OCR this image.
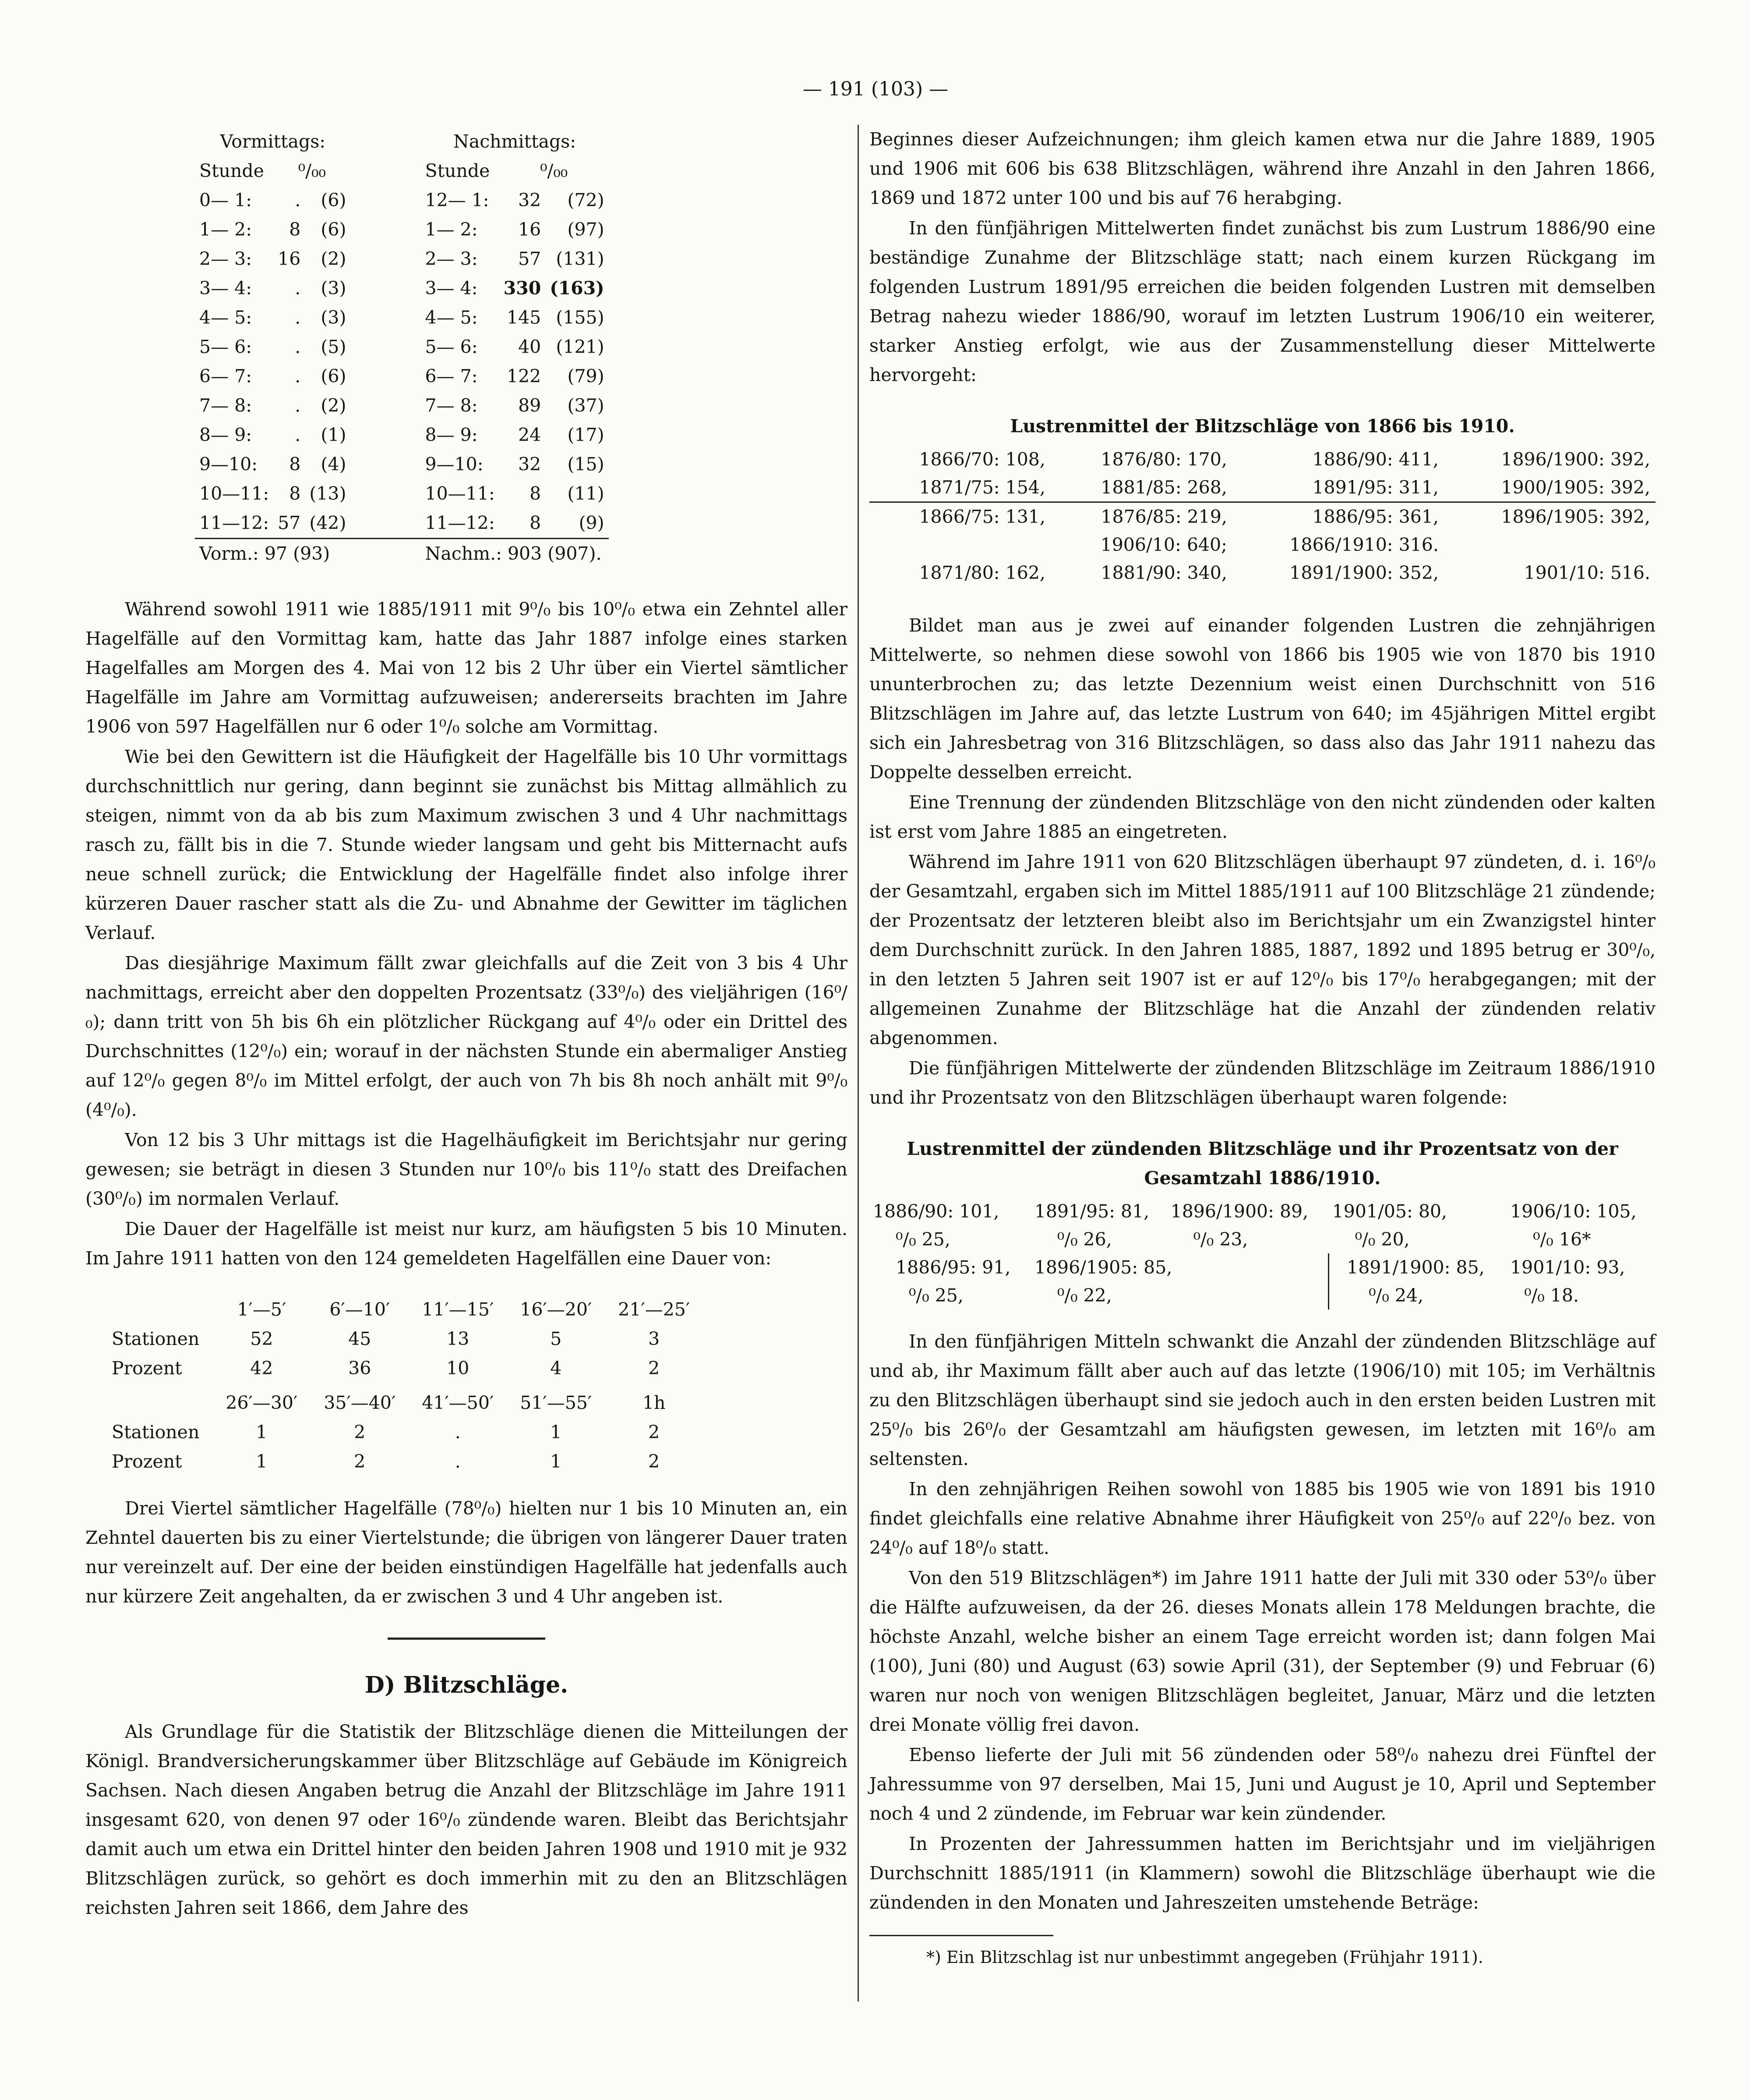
— 191 (103) —
Vormittags:				Nachmittags:		
Stunde	⁰/₀₀			Stunde	⁰/₀₀	
0— 1:	.	(6)		12— 1:	32	(72)
1— 2:	8	(6)		1— 2:	16	(97)
2— 3:	16	(2)		2— 3:	57	(131)
3— 4:	.	(3)		3— 4:	330	(163)
4— 5:	.	(3)		4— 5:	145	(155)
5— 6:	.	(5)		5— 6:	40	(121)
6— 7:	.	(6)		6— 7:	122	(79)
7— 8:	.	(2)		7— 8:	89	(37)
8— 9:	.	(1)		8— 9:	24	(17)
9—10:	8	(4)		9—10:	32	(15)
10—11:	8	(13)		10—11:	8	(11)
11—12:	57	(42)		11—12:	8	(9)
Vorm.: 97 (93)				Nachm.: 903 (907).		

Während sowohl 1911 wie 1885/1911 mit 9⁰/₀ bis 10⁰/₀ etwa ein Zehntel aller Hagelfälle auf den Vormittag kam, hatte das Jahr 1887 infolge eines starken Hagelfalles am Morgen des 4. Mai von 12 bis 2 Uhr über ein Viertel sämtlicher Hagelfälle im Jahre am Vormittag aufzuweisen; andererseits brachten im Jahre 1906 von 597 Hagelfällen nur 6 oder 1⁰/₀ solche am Vormittag.

Wie bei den Gewittern ist die Häufigkeit der Hagelfälle bis 10 Uhr vormittags durchschnittlich nur gering, dann beginnt sie zunächst bis Mittag allmählich zu steigen, nimmt von da ab bis zum Maximum zwischen 3 und 4 Uhr nachmittags rasch zu, fällt bis in die 7. Stunde wieder langsam und geht bis Mitternacht aufs neue schnell zurück; die Entwicklung der Hagelfälle findet also infolge ihrer kürzeren Dauer rascher statt als die Zu- und Abnahme der Gewitter im täglichen Verlauf.

Das diesjährige Maximum fällt zwar gleichfalls auf die Zeit von 3 bis 4 Uhr nachmittags, erreicht aber den doppelten Prozentsatz (33⁰/₀) des vieljährigen (16⁰/₀); dann tritt von 5h bis 6h ein plötzlicher Rückgang auf 4⁰/₀ oder ein Drittel des Durchschnittes (12⁰/₀) ein; worauf in der nächsten Stunde ein abermaliger Anstieg auf 12⁰/₀ gegen 8⁰/₀ im Mittel erfolgt, der auch von 7h bis 8h noch anhält mit 9⁰/₀ (4⁰/₀).

Von 12 bis 3 Uhr mittags ist die Hagelhäufigkeit im Berichtsjahr nur gering gewesen; sie beträgt in diesen 3 Stunden nur 10⁰/₀ bis 11⁰/₀ statt des Dreifachen (30⁰/₀) im normalen Verlauf.

Die Dauer der Hagelfälle ist meist nur kurz, am häufigsten 5 bis 10 Minuten. Im Jahre 1911 hatten von den 124 gemeldeten Hagelfällen eine Dauer von:

	1′—5′	6′—10′	11′—15′	16′—20′	21′—25′
Stationen	52	45	13	5	3
Prozent	42	36	10	4	2

	26′—30′	35′—40′	41′—50′	51′—55′	1h
Stationen	1	2	.	1	2
Prozent	1	2	.	1	2

Drei Viertel sämtlicher Hagelfälle (78⁰/₀) hielten nur 1 bis 10 Minuten an, ein Zehntel dauerten bis zu einer Viertelstunde; die übrigen von längerer Dauer traten nur vereinzelt auf. Der eine der beiden einstündigen Hagelfälle hat jedenfalls auch nur kürzere Zeit angehalten, da er zwischen 3 und 4 Uhr angeben ist.

D) Blitzschläge.

Als Grundlage für die Statistik der Blitzschläge dienen die Mitteilungen der Königl. Brandversicherungskammer über Blitzschläge auf Gebäude im Königreich Sachsen. Nach diesen Angaben betrug die Anzahl der Blitzschläge im Jahre 1911 insgesamt 620, von denen 97 oder 16⁰/₀ zündende waren. Bleibt das Berichtsjahr damit auch um etwa ein Drittel hinter den beiden Jahren 1908 und 1910 mit je 932 Blitzschlägen zurück, so gehört es doch immerhin mit zu den an Blitzschlägen reichsten Jahren seit 1866, dem Jahre des

Beginnes dieser Aufzeichnungen; ihm gleich kamen etwa nur die Jahre 1889, 1905 und 1906 mit 606 bis 638 Blitzschlägen, während ihre Anzahl in den Jahren 1866, 1869 und 1872 unter 100 und bis auf 76 herabging.

In den fünfjährigen Mittelwerten findet zunächst bis zum Lustrum 1886/90 eine beständige Zunahme der Blitzschläge statt; nach einem kurzen Rückgang im folgenden Lustrum 1891/95 erreichen die beiden folgenden Lustren mit demselben Betrag nahezu wieder 1886/90, worauf im letzten Lustrum 1906/10 ein weiterer, starker Anstieg erfolgt, wie aus der Zusammenstellung dieser Mittelwerte hervorgeht:

Lustrenmittel der Blitzschläge von 1866 bis 1910.
1866/70: 108,	1876/80: 170,	1886/90: 411,	1896/1900: 392,
1871/75: 154,	1881/85: 268,	1891/95: 311,	1900/1905: 392,
1866/75: 131,	1876/85: 219,	1886/95: 361,	1896/1905: 392,
	1906/10: 640;	1866/1910: 316.	
1871/80: 162,	1881/90: 340,	1891/1900: 352,	1901/10: 516.

Bildet man aus je zwei auf einander folgenden Lustren die zehnjährigen Mittelwerte, so nehmen diese sowohl von 1866 bis 1905 wie von 1870 bis 1910 ununterbrochen zu; das letzte Dezennium weist einen Durchschnitt von 516 Blitzschlägen im Jahre auf, das letzte Lustrum von 640; im 45jährigen Mittel ergibt sich ein Jahresbetrag von 316 Blitzschlägen, so dass also das Jahr 1911 nahezu das Doppelte desselben erreicht.

Eine Trennung der zündenden Blitzschläge von den nicht zündenden oder kalten ist erst vom Jahre 1885 an eingetreten.

Während im Jahre 1911 von 620 Blitzschlägen überhaupt 97 zündeten, d. i. 16⁰/₀ der Gesamtzahl, ergaben sich im Mittel 1885/1911 auf 100 Blitzschläge 21 zündende; der Prozentsatz der letzteren bleibt also im Berichtsjahr um ein Zwanzigstel hinter dem Durchschnitt zurück. In den Jahren 1885, 1887, 1892 und 1895 betrug er 30⁰/₀, in den letzten 5 Jahren seit 1907 ist er auf 12⁰/₀ bis 17⁰/₀ herabgegangen; mit der allgemeinen Zunahme der Blitzschläge hat die Anzahl der zündenden relativ abgenommen.

Die fünfjährigen Mittelwerte der zündenden Blitzschläge im Zeitraum 1886/1910 und ihr Prozentsatz von den Blitzschlägen überhaupt waren folgende:

Lustrenmittel der zündenden Blitzschläge und ihr Prozentsatz von der Gesamtzahl 1886/1910.
1886/90: 101,	1891/95: 81,	1896/1900: 89,	1901/05: 80,	1906/10: 105,
⁰/₀ 25,	⁰/₀ 26,	⁰/₀ 23,	⁰/₀ 20,	⁰/₀ 16*
1886/95: 91,	1896/1905: 85,		1891/1900: 85,	1901/10: 93,
⁰/₀ 25,	⁰/₀ 22,		⁰/₀ 24,	⁰/₀ 18.

In den fünfjährigen Mitteln schwankt die Anzahl der zündenden Blitzschläge auf und ab, ihr Maximum fällt aber auch auf das letzte (1906/10) mit 105; im Verhältnis zu den Blitzschlägen überhaupt sind sie jedoch auch in den ersten beiden Lustren mit 25⁰/₀ bis 26⁰/₀ der Gesamtzahl am häufigsten gewesen, im letzten mit 16⁰/₀ am seltensten.

In den zehnjährigen Reihen sowohl von 1885 bis 1905 wie von 1891 bis 1910 findet gleichfalls eine relative Abnahme ihrer Häufigkeit von 25⁰/₀ auf 22⁰/₀ bez. von 24⁰/₀ auf 18⁰/₀ statt.

Von den 519 Blitzschlägen*) im Jahre 1911 hatte der Juli mit 330 oder 53⁰/₀ über die Hälfte aufzuweisen, da der 26. dieses Monats allein 178 Meldungen brachte, die höchste Anzahl, welche bisher an einem Tage erreicht worden ist; dann folgen Mai (100), Juni (80) und August (63) sowie April (31), der September (9) und Februar (6) waren nur noch von wenigen Blitzschlägen begleitet, Januar, März und die letzten drei Monate völlig frei davon.

Ebenso lieferte der Juli mit 56 zündenden oder 58⁰/₀ nahezu drei Fünftel der Jahressumme von 97 derselben, Mai 15, Juni und August je 10, April und September noch 4 und 2 zündende, im Februar war kein zündender.

In Prozenten der Jahressummen hatten im Berichtsjahr und im vieljährigen Durchschnitt 1885/1911 (in Klammern) sowohl die Blitzschläge überhaupt wie die zündenden in den Monaten und Jahreszeiten umstehende Beträge:

*) Ein Blitzschlag ist nur unbestimmt angegeben (Frühjahr 1911).
